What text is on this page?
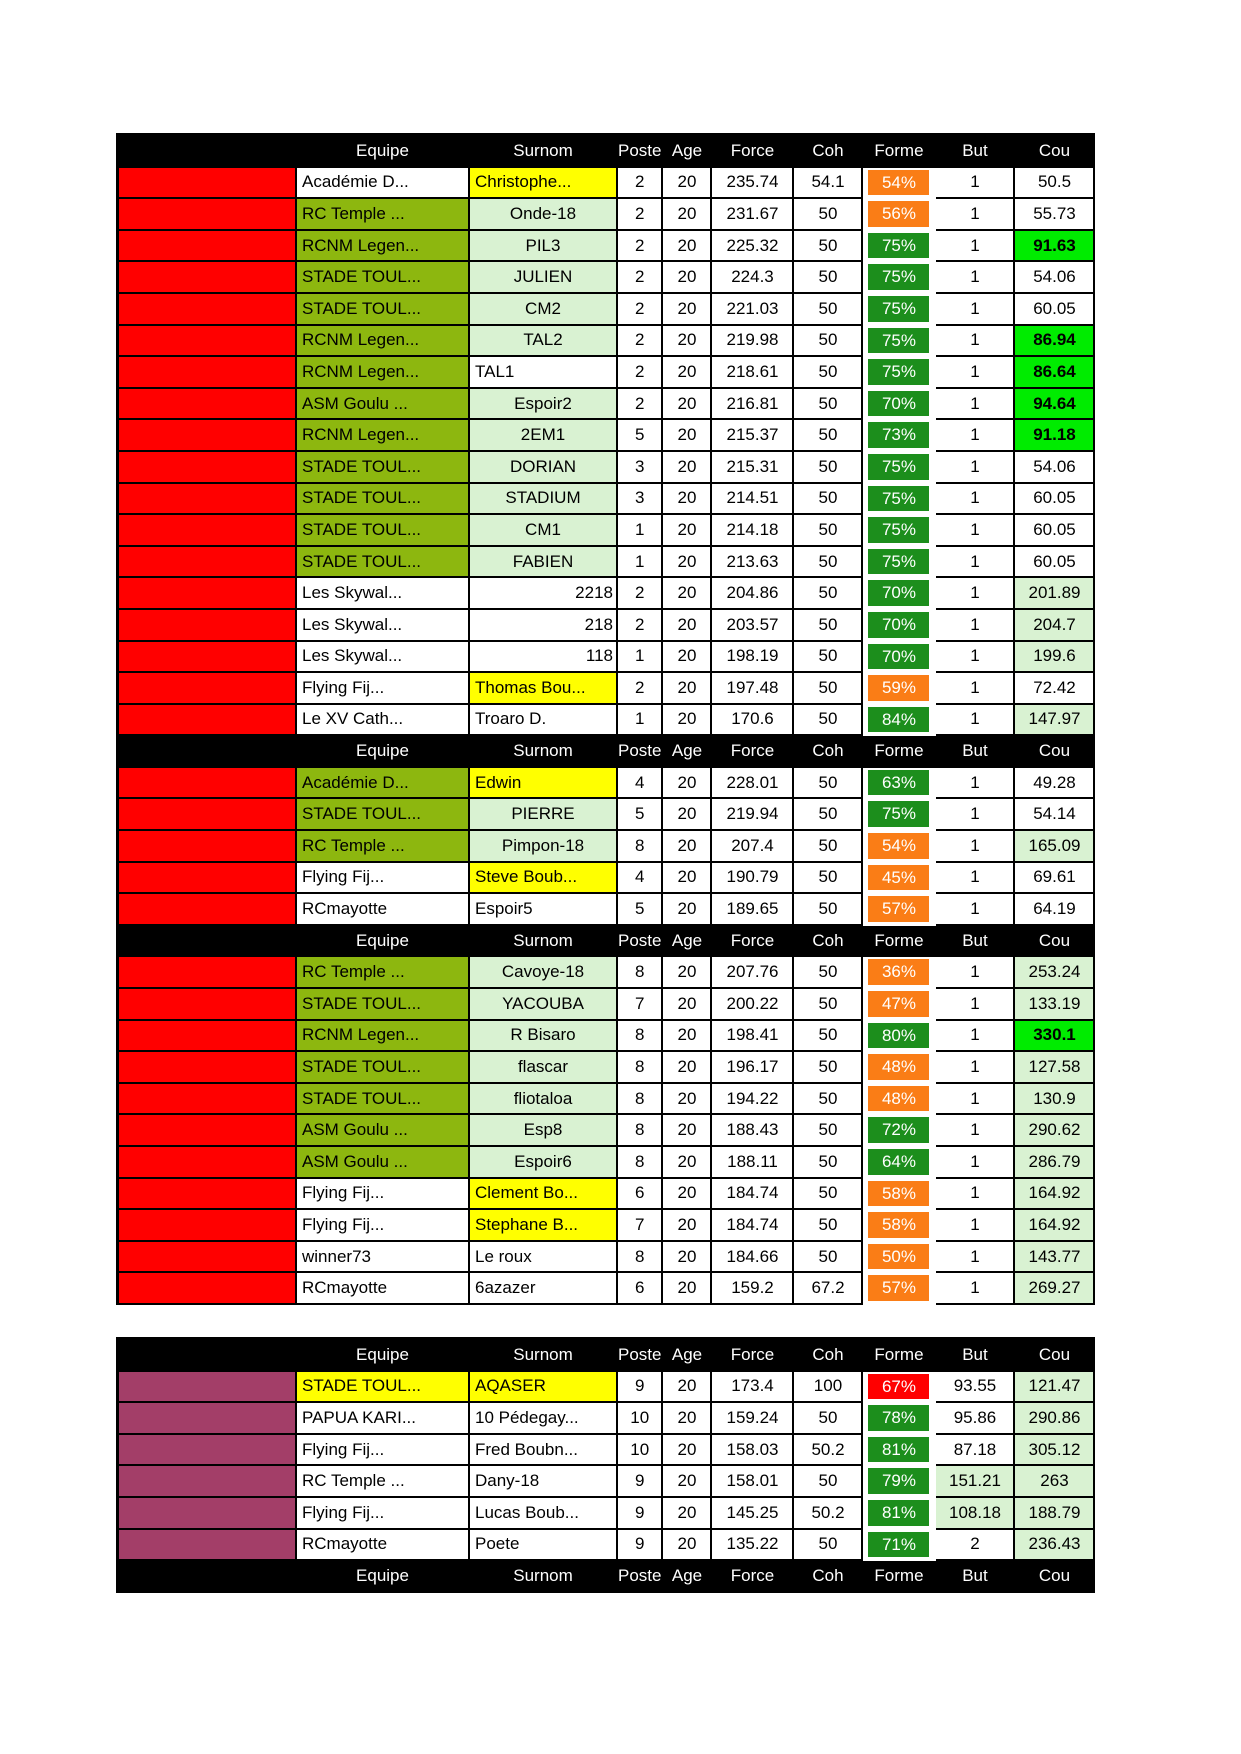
	Equipe	Surnom	Poste	Age	Force	Coh	Forme	But	Cou
	Académie D...	Christophe...	2	20	235.74	54.1	54%	1	50.5
	RC Temple ...	Onde-18	2	20	231.67	50	56%	1	55.73
	RCNM Legen...	PIL3	2	20	225.32	50	75%	1	91.63
	STADE TOUL...	JULIEN	2	20	224.3	50	75%	1	54.06
	STADE TOUL...	CM2	2	20	221.03	50	75%	1	60.05
	RCNM Legen...	TAL2	2	20	219.98	50	75%	1	86.94
	RCNM Legen...	TAL1	2	20	218.61	50	75%	1	86.64
	ASM Goulu ...	Espoir2	2	20	216.81	50	70%	1	94.64
	RCNM Legen...	2EM1	5	20	215.37	50	73%	1	91.18
	STADE TOUL...	DORIAN	3	20	215.31	50	75%	1	54.06
	STADE TOUL...	STADIUM	3	20	214.51	50	75%	1	60.05
	STADE TOUL...	CM1	1	20	214.18	50	75%	1	60.05
	STADE TOUL...	FABIEN	1	20	213.63	50	75%	1	60.05
	Les Skywal...	2218	2	20	204.86	50	70%	1	201.89
	Les Skywal...	218	2	20	203.57	50	70%	1	204.7
	Les Skywal...	118	1	20	198.19	50	70%	1	199.6
	Flying Fij...	Thomas Bou...	2	20	197.48	50	59%	1	72.42
	Le XV Cath...	Troaro D.	1	20	170.6	50	84%	1	147.97
	Equipe	Surnom	Poste	Age	Force	Coh	Forme	But	Cou
	Académie D...	Edwin	4	20	228.01	50	63%	1	49.28
	STADE TOUL...	PIERRE	5	20	219.94	50	75%	1	54.14
	RC Temple ...	Pimpon-18	8	20	207.4	50	54%	1	165.09
	Flying Fij...	Steve Boub...	4	20	190.79	50	45%	1	69.61
	RCmayotte	Espoir5	5	20	189.65	50	57%	1	64.19
	Equipe	Surnom	Poste	Age	Force	Coh	Forme	But	Cou
	RC Temple ...	Cavoye-18	8	20	207.76	50	36%	1	253.24
	STADE TOUL...	YACOUBA	7	20	200.22	50	47%	1	133.19
	RCNM Legen...	R Bisaro	8	20	198.41	50	80%	1	330.1
	STADE TOUL...	flascar	8	20	196.17	50	48%	1	127.58
	STADE TOUL...	fliotaloa	8	20	194.22	50	48%	1	130.9
	ASM Goulu ...	Esp8	8	20	188.43	50	72%	1	290.62
	ASM Goulu ...	Espoir6	8	20	188.11	50	64%	1	286.79
	Flying Fij...	Clement Bo...	6	20	184.74	50	58%	1	164.92
	Flying Fij...	Stephane B...	7	20	184.74	50	58%	1	164.92
	winner73	Le roux	8	20	184.66	50	50%	1	143.77
	RCmayotte	6azazer	6	20	159.2	67.2	57%	1	269.27
	Equipe	Surnom	Poste	Age	Force	Coh	Forme	But	Cou
	STADE TOUL...	AQASER	9	20	173.4	100	67%	93.55	121.47
	PAPUA KARI...	10 Pédegay...	10	20	159.24	50	78%	95.86	290.86
	Flying Fij...	Fred Boubn...	10	20	158.03	50.2	81%	87.18	305.12
	RC Temple ...	Dany-18	9	20	158.01	50	79%	151.21	263
	Flying Fij...	Lucas Boub...	9	20	145.25	50.2	81%	108.18	188.79
	RCmayotte	Poete	9	20	135.22	50	71%	2	236.43
	Equipe	Surnom	Poste	Age	Force	Coh	Forme	But	Cou
